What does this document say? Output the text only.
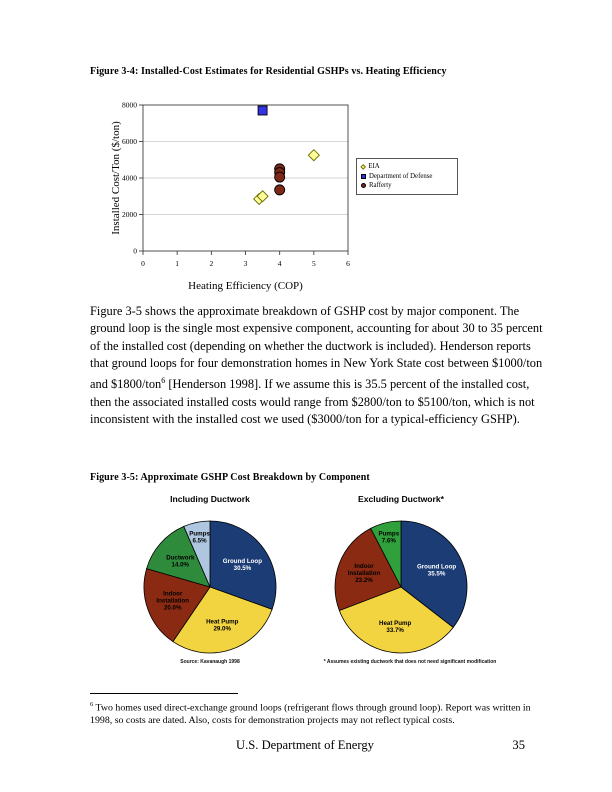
Figure 3-4: Installed-Cost Estimates for Residential GSHPs vs. Heating Efficiency
0	1	2	3	4	5	6
0
2000
4000
6000
8000
Installed Cost/Ton ($/ton)
Heating Efficiency (COP)
EIA
Department of Defense
Rafferty

Figure 3-5 shows the approximate breakdown of GSHP cost by major component. The ground loop is the single most expensive component, accounting for about 30 to 35 percent of the installed cost (depending on whether the ductwork is included). Henderson reports that ground loops for four demonstration homes in New York State cost between $1000/ton and $1800/ton$^6$ [Henderson 1998]. If we assume this is 35.5 percent of the installed cost, then the associated installed costs would range from $2800/ton to $5100/ton, which is not inconsistent with the installed cost we used ($3000/ton for a typical-efficiency GSHP).

Figure 3-5: Approximate GSHP Cost Breakdown by Component
Including Ductwork	Excluding Ductwork*
Ground Loop 30.5%
Heat Pump 29.0%
Indoor Installation 20.0%
Ductwork 14.0%
Pumps 6.5%
Ground Loop 35.5%
Heat Pump 33.7%
Indoor Installation 23.2%
Pumps 7.6%
Source: Kavanaugh 1998	* Assumes existing ductwork that does not need significant modification
$^6$ Two homes used direct-exchange ground loops (refrigerant flows through ground loop). Report was written in 1998, so costs are dated. Also, costs for demonstration projects may not reflect typical costs.
U.S. Department of Energy	35
